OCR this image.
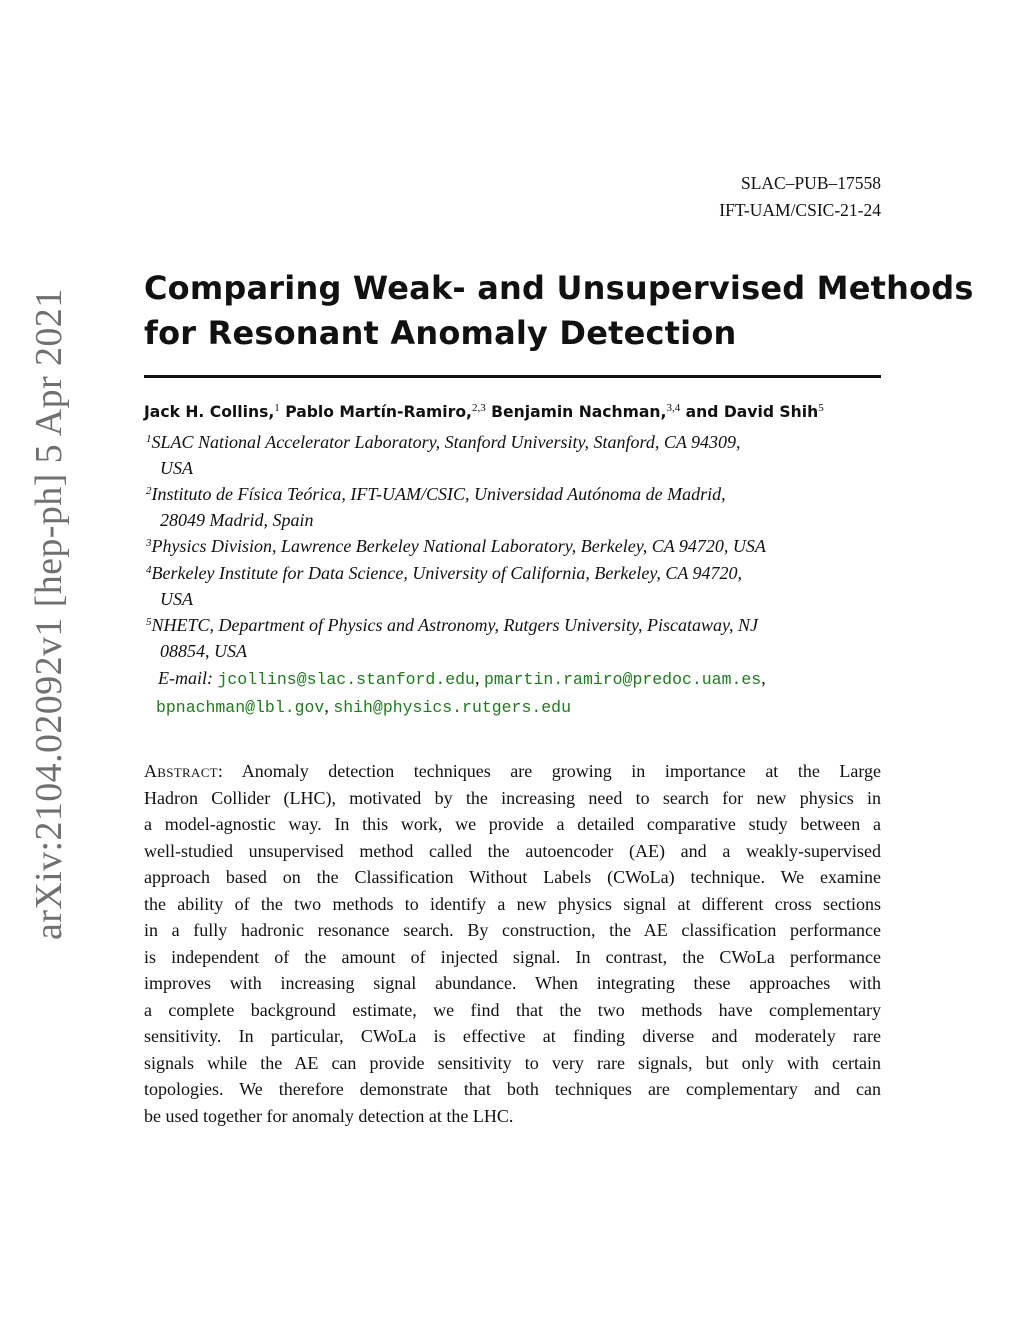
SLAC–PUB–17558
IFT-UAM/CSIC-21-24
Comparing Weak- and Unsupervised Methods
for Resonant Anomaly Detection
Jack H. Collins,$^1$ Pablo Martín-Ramiro,$^{2,3}$ Benjamin Nachman,$^{3,4}$ and David Shih$^5$
$^1$SLAC National Accelerator Laboratory, Stanford University, Stanford, CA 94309,
USA
$^2$Instituto de Física Teórica, IFT-UAM/CSIC, Universidad Autónoma de Madrid,
28049 Madrid, Spain
$^3$Physics Division, Lawrence Berkeley National Laboratory, Berkeley, CA 94720, USA
$^4$Berkeley Institute for Data Science, University of California, Berkeley, CA 94720,
USA
$^5$NHETC, Department of Physics and Astronomy, Rutgers University, Piscataway, NJ
08854, USA
E-mail: jcollins@slac.stanford.edu, pmartin.ramiro@predoc.uam.es,
bpnachman@lbl.gov, shih@physics.rutgers.edu
Abstract: Anomaly detection techniques are growing in importance at the Large
Hadron Collider (LHC), motivated by the increasing need to search for new physics in
a model-agnostic way. In this work, we provide a detailed comparative study between a
well-studied unsupervised method called the autoencoder (AE) and a weakly-supervised
approach based on the Classification Without Labels (CWoLa) technique. We examine
the ability of the two methods to identify a new physics signal at different cross sections
in a fully hadronic resonance search. By construction, the AE classification performance
is independent of the amount of injected signal. In contrast, the CWoLa performance
improves with increasing signal abundance. When integrating these approaches with
a complete background estimate, we find that the two methods have complementary
sensitivity. In particular, CWoLa is effective at finding diverse and moderately rare
signals while the AE can provide sensitivity to very rare signals, but only with certain
topologies. We therefore demonstrate that both techniques are complementary and can
be used together for anomaly detection at the LHC.
arXiv:2104.02092v1 [hep-ph] 5 Apr 2021
